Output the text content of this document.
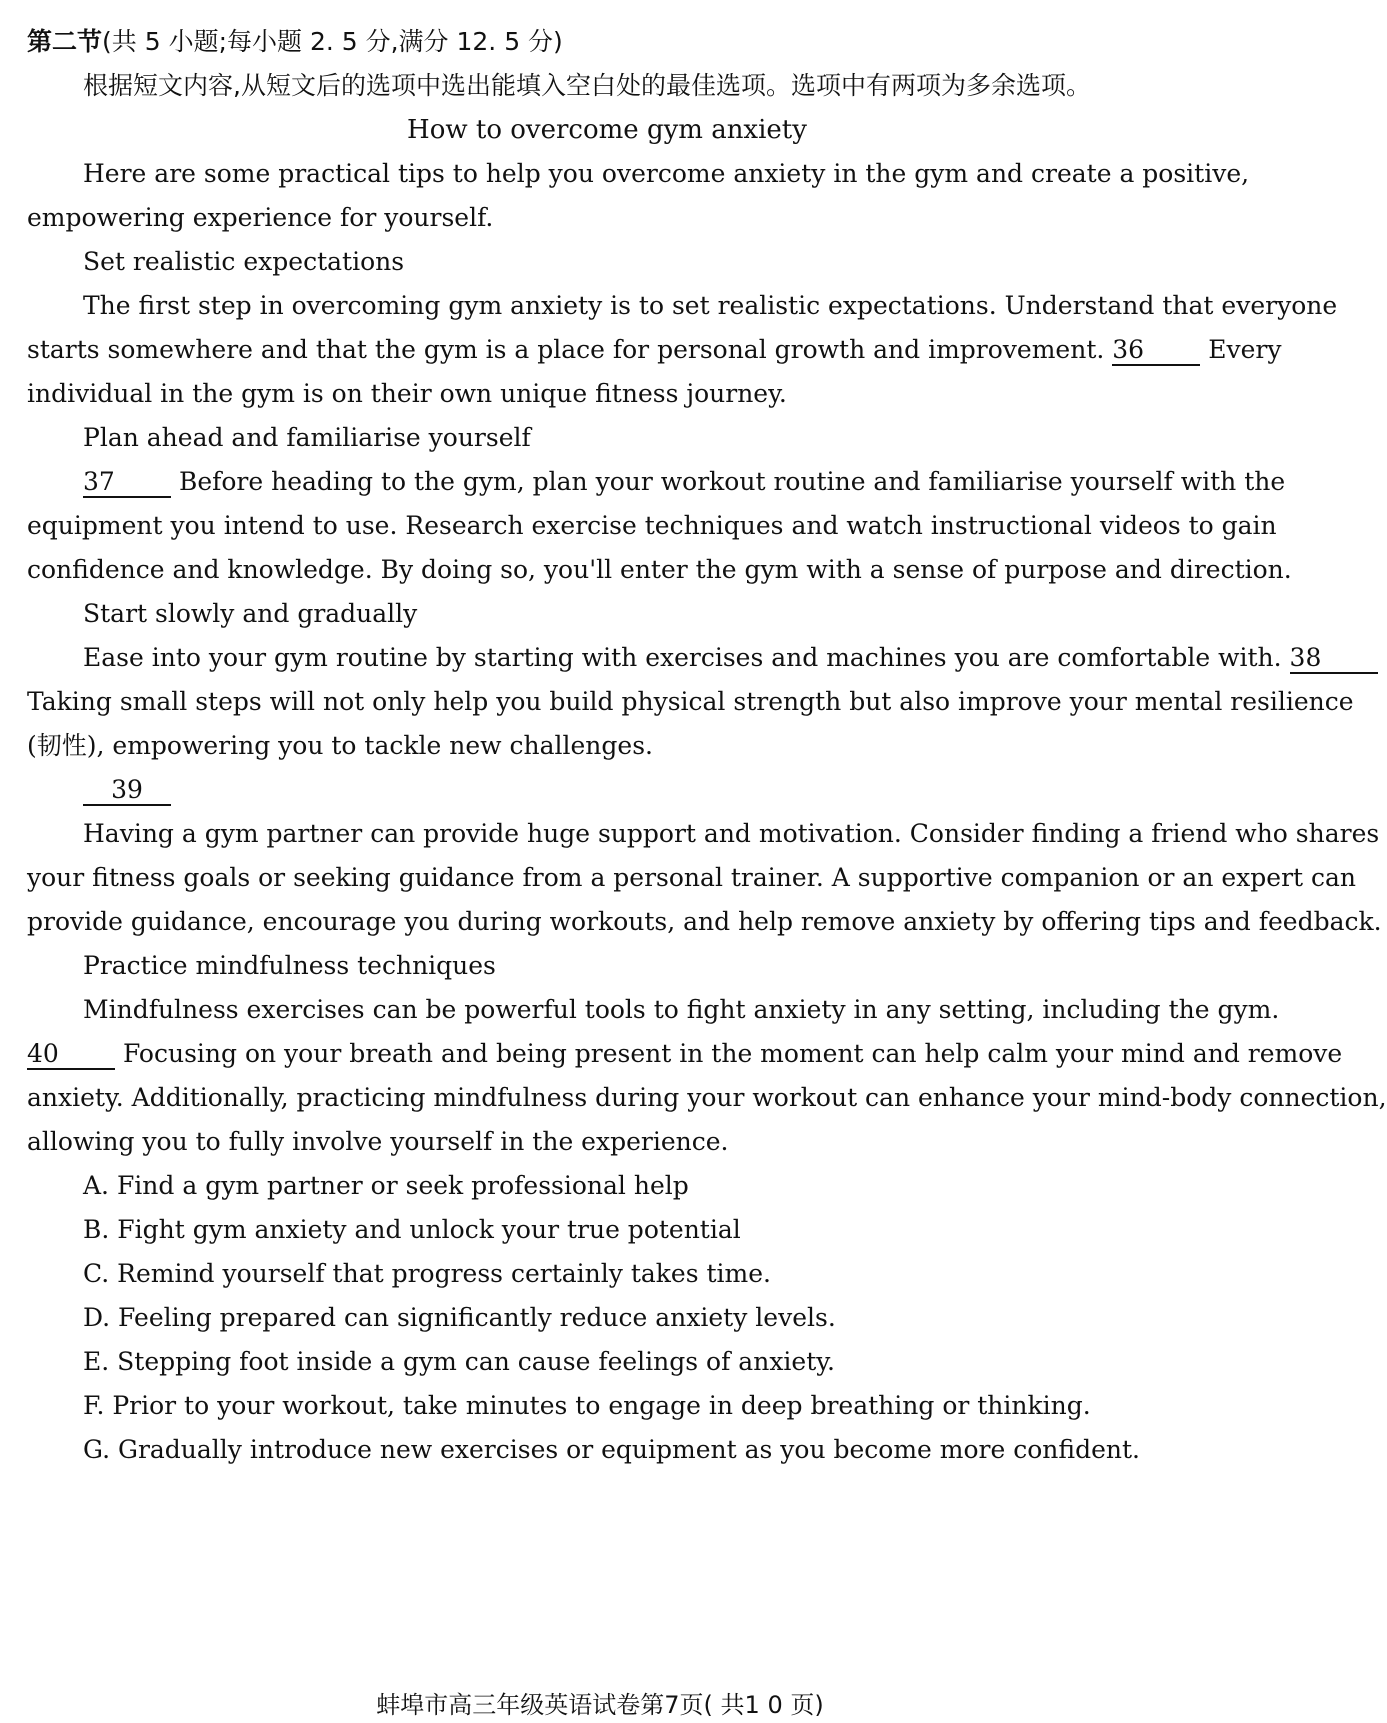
第二节(共 5 小题;每小题 2. 5 分,满分 12. 5 分)
根据短文内容,从短文后的选项中选出能填入空白处的最佳选项。选项中有两项为多余选项。
How to overcome gym anxiety
Here are some practical tips to help you overcome anxiety in the gym and create a positive,
empowering experience for yourself.
Set realistic expectations
The first step in overcoming gym anxiety is to set realistic expectations. Understand that everyone
starts somewhere and that the gym is a place for personal growth and improvement. 36	Every
individual in the gym is on their own unique fitness journey.
Plan ahead and familiarise yourself
37	Before heading to the gym, plan your workout routine and familiarise yourself with the
equipment you intend to use. Research exercise techniques and watch instructional videos to gain
confidence and knowledge. By doing so, you'll enter the gym with a sense of purpose and direction.
Start slowly and gradually
Ease into your gym routine by starting with exercises and machines you are comfortable with. 38
Taking small steps will not only help you build physical strength but also improve your mental resilience
(韧性), empowering you to tackle new challenges.
39
Having a gym partner can provide huge support and motivation. Consider finding a friend who shares
your fitness goals or seeking guidance from a personal trainer. A supportive companion or an expert can
provide guidance, encourage you during workouts, and help remove anxiety by offering tips and feedback.
Practice mindfulness techniques
Mindfulness exercises can be powerful tools to fight anxiety in any setting, including the gym.
40	Focusing on your breath and being present in the moment can help calm your mind and remove
anxiety. Additionally, practicing mindfulness during your workout can enhance your mind-body connection,
allowing you to fully involve yourself in the experience.
A. Find a gym partner or seek professional help
B. Fight gym anxiety and unlock your true potential
C. Remind yourself that progress certainly takes time.
D. Feeling prepared can significantly reduce anxiety levels.
E. Stepping foot inside a gym can cause feelings of anxiety.
F. Prior to your workout, take minutes to engage in deep breathing or thinking.
G. Gradually introduce new exercises or equipment as you become more confident.
蚌埠市高三年级英语试卷第7页( 共1 0 页)
